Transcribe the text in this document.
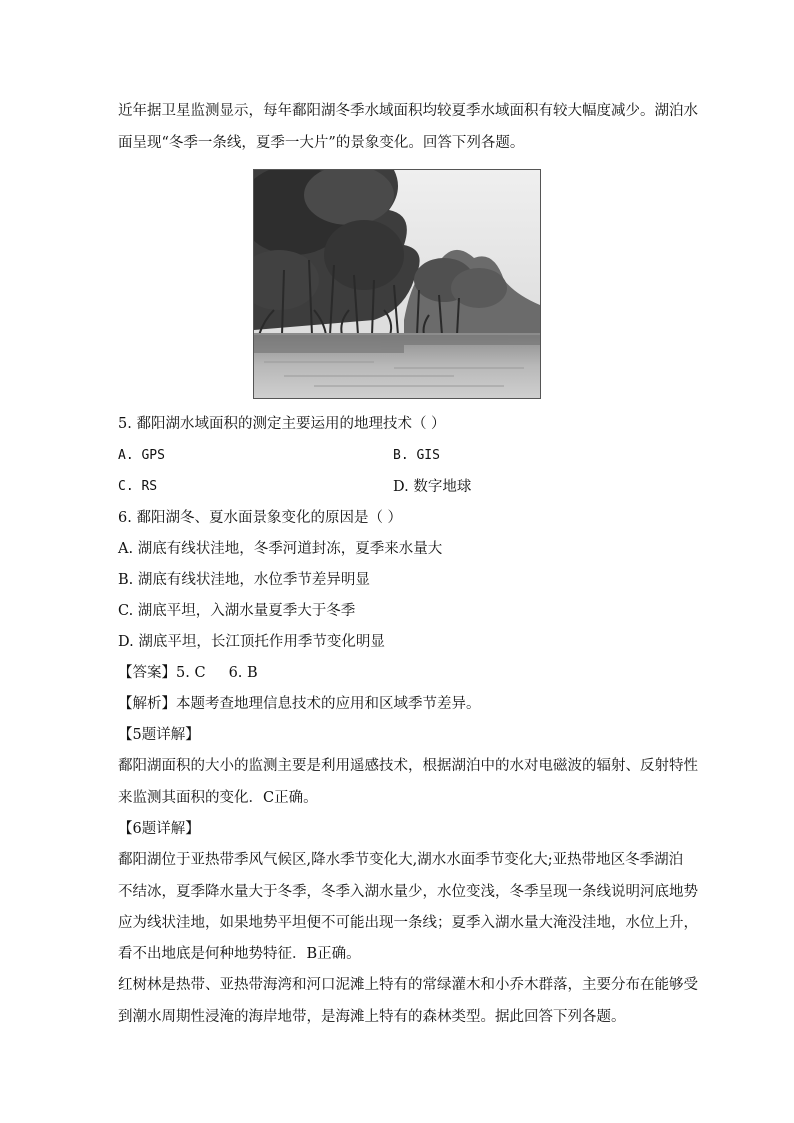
近年据卫星监测显示，每年鄱阳湖冬季水域面积均较夏季水域面积有较大幅度减少。湖泊水
面呈现“冬季一条线，夏季一大片”的景象变化。回答下列各题。
5. 鄱阳湖水域面积的测定主要运用的地理技术（ ）
A. GPS	B. GIS
C. RS	D. 数字地球
6. 鄱阳湖冬、夏水面景象变化的原因是（ ）
A. 湖底有线状洼地，冬季河道封冻，夏季来水量大
B. 湖底有线状洼地，水位季节差异明显
C. 湖底平坦，入湖水量夏季大于冬季
D. 湖底平坦，长江顶托作用季节变化明显
【答案】5. C     6. B
【解析】本题考查地理信息技术的应用和区域季节差异。
【5题详解】
鄱阳湖面积的大小的监测主要是利用遥感技术，根据湖泊中的水对电磁波的辐射、反射特性
来监测其面积的变化．C正确。
【6题详解】
鄱阳湖位于亚热带季风气候区,降水季节变化大,湖水水面季节变化大;亚热带地区冬季湖泊
不结冰，夏季降水量大于冬季，冬季入湖水量少，水位变浅，冬季呈现一条线说明河底地势
应为线状洼地，如果地势平坦便不可能出现一条线；夏季入湖水量大淹没洼地，水位上升，
看不出地底是何种地势特征．B正确。
红树林是热带、亚热带海湾和河口泥滩上特有的常绿灌木和小乔木群落，主要分布在能够受
到潮水周期性浸淹的海岸地带，是海滩上特有的森林类型。据此回答下列各题。
